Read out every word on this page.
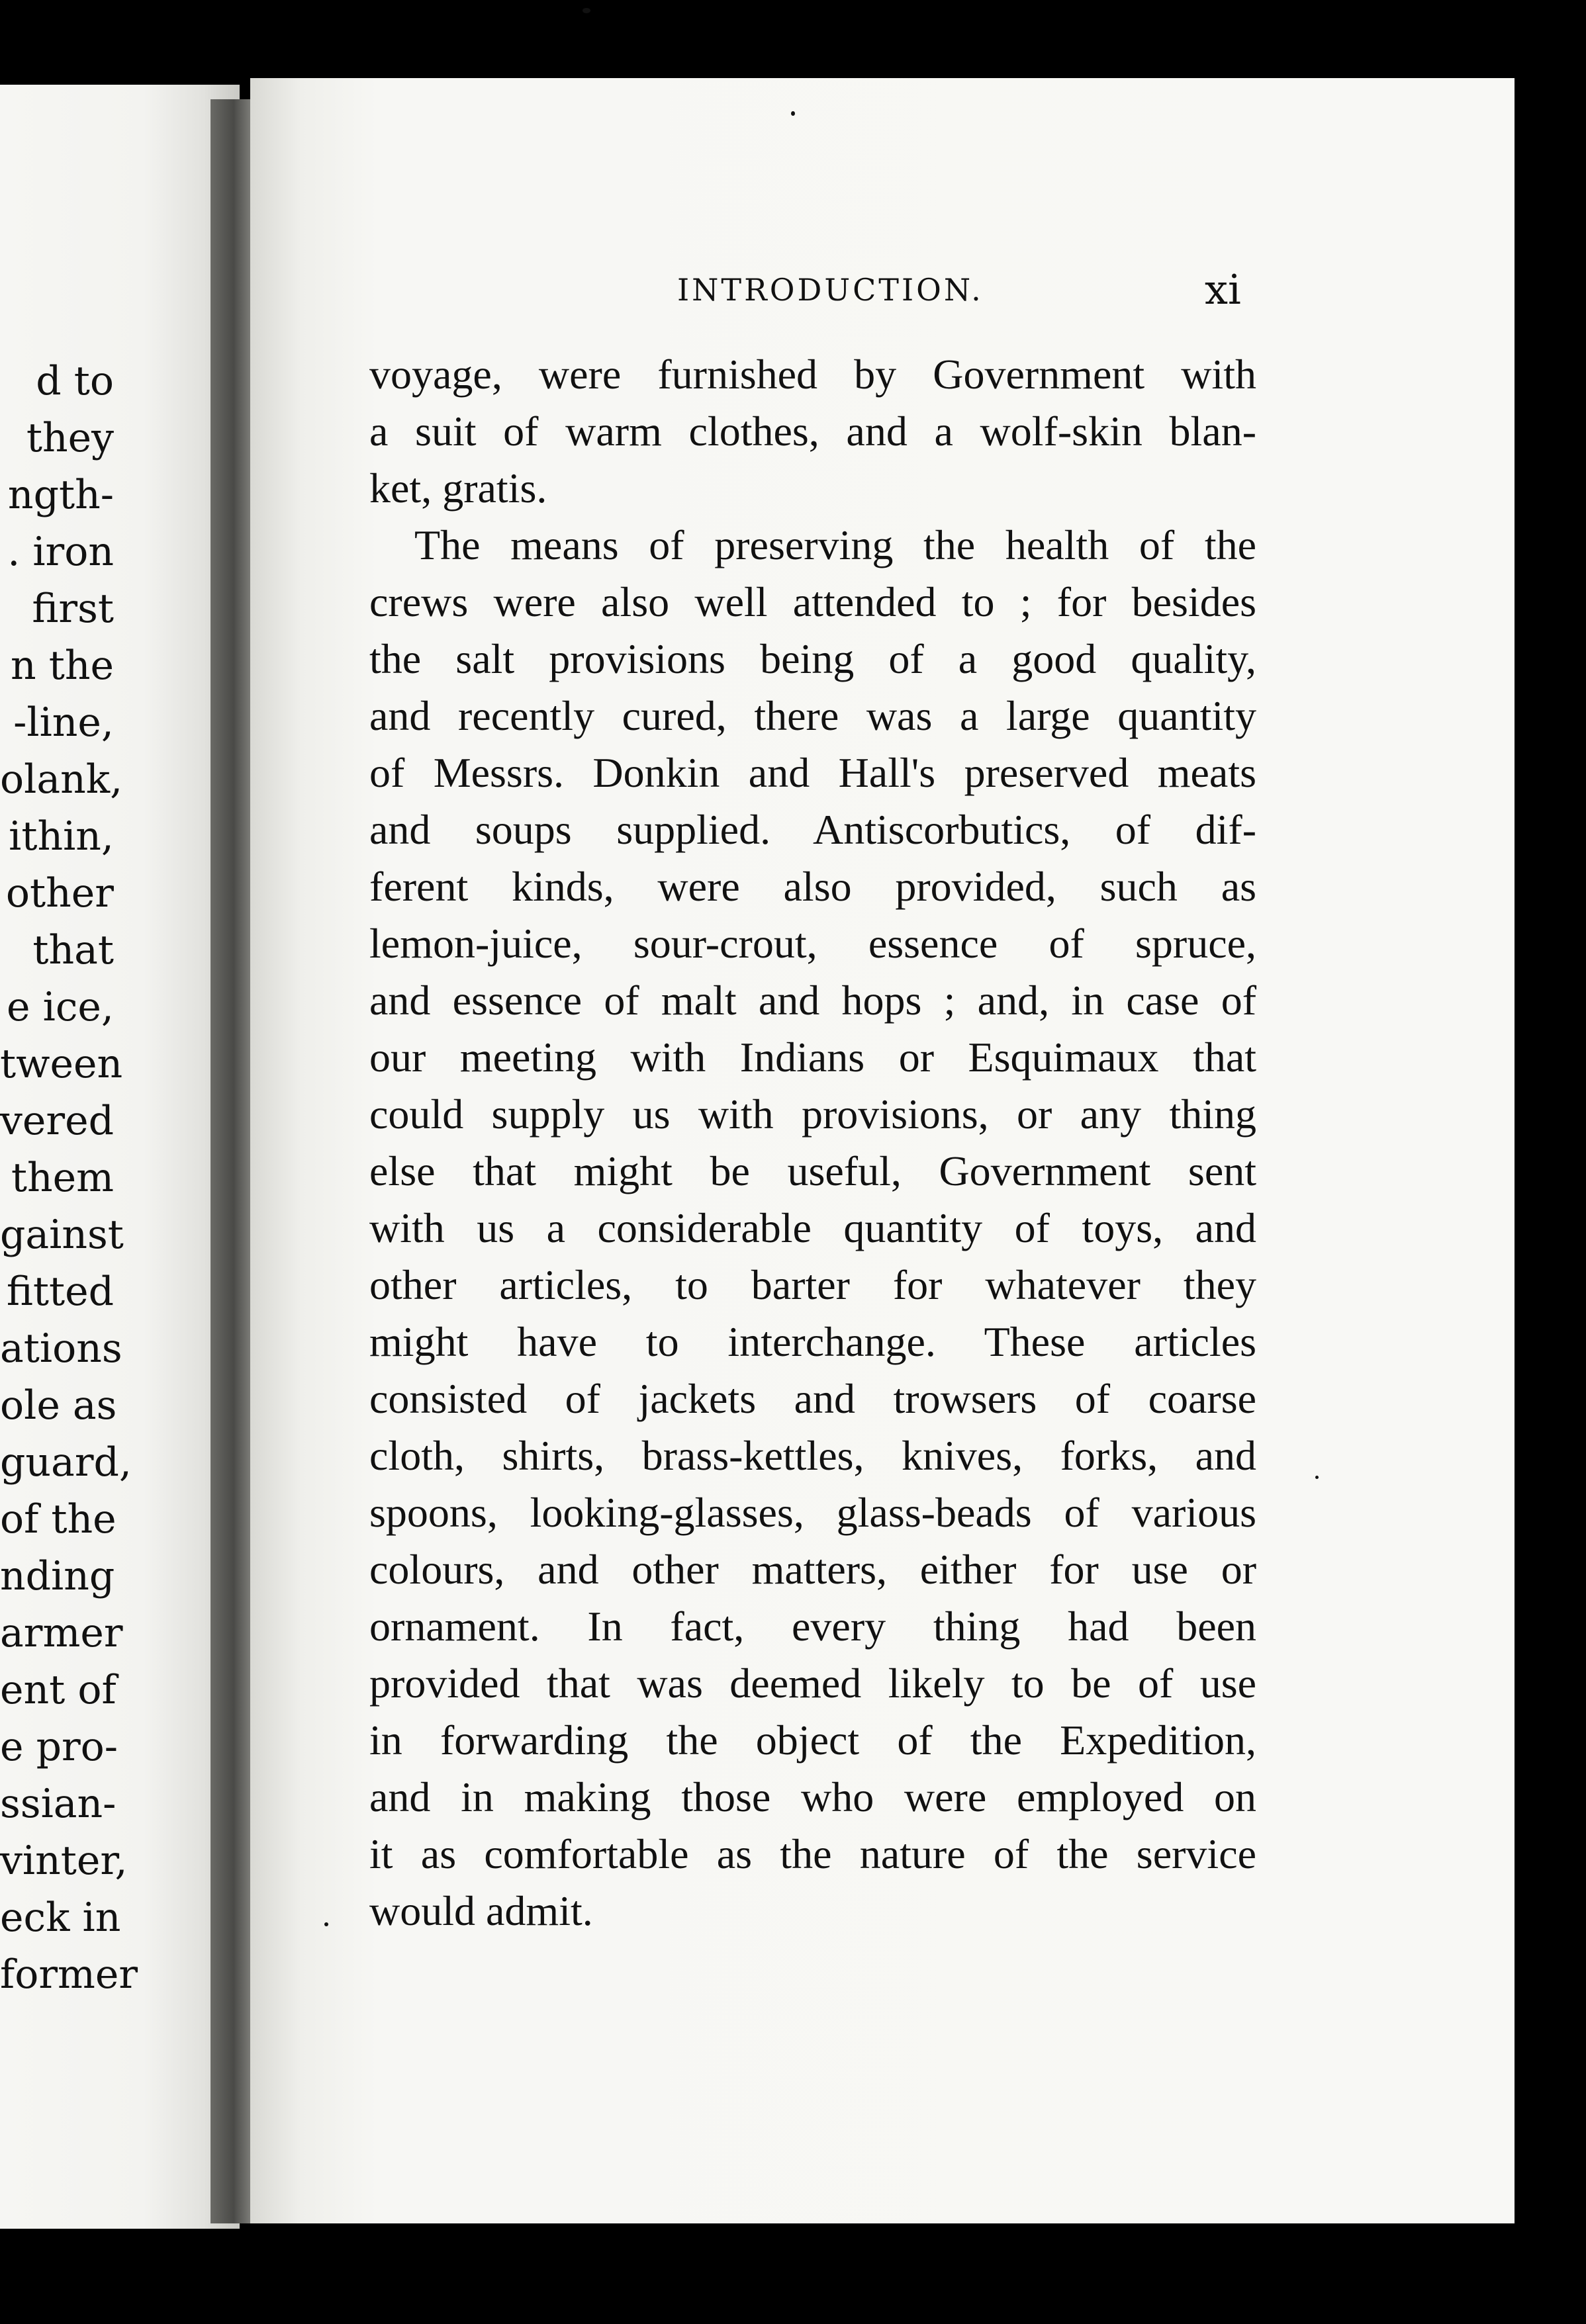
d to
they
ngth-
. iron
first
n the
-line,
olank,
ithin,
other
that
e ice,
tween
vered
them
gainst
fitted
ations
ole as
guard,
of the
nding
armer
ent of
e pro-
ssian-
vinter,
eck in
former
INTRODUCTION.	xi
voyage, were furnished by Government with
a suit of warm clothes, and a wolf-skin blan-
ket, gratis.
The means of preserving the health of the
crews were also well attended to ; for besides
the salt provisions being of a good quality,
and recently cured, there was a large quantity
of Messrs. Donkin and Hall's preserved meats
and soups supplied. Antiscorbutics, of dif-
ferent kinds, were also provided, such as
lemon-juice, sour-crout, essence of spruce,
and essence of malt and hops ; and, in case of
our meeting with Indians or Esquimaux that
could supply us with provisions, or any thing
else that might be useful, Government sent
with us a considerable quantity of toys, and
other articles, to barter for whatever they
might have to interchange. These articles
consisted of jackets and trowsers of coarse
cloth, shirts, brass-kettles, knives, forks, and
spoons, looking-glasses, glass-beads of various
colours, and other matters, either for use or
ornament. In fact, every thing had been
provided that was deemed likely to be of use
in forwarding the object of the Expedition,
and in making those who were employed on
it as comfortable as the nature of the service
would admit.
